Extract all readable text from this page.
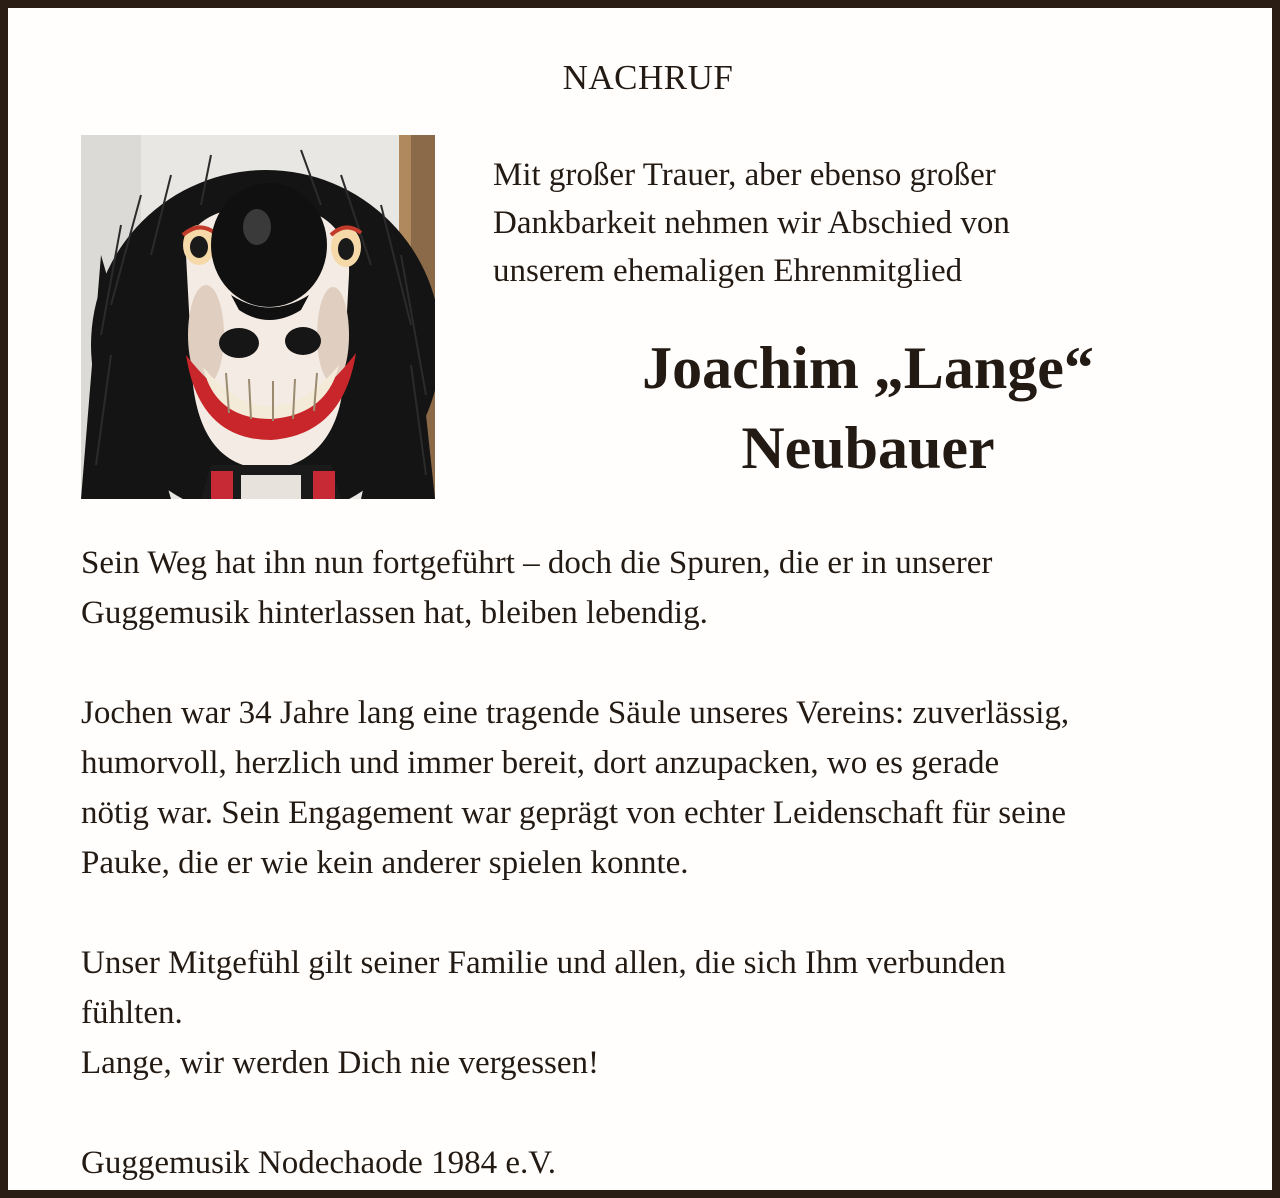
NACHRUF
Mit großer Trauer, aber ebenso großer
Dankbarkeit nehmen wir Abschied von
unserem ehemaligen Ehrenmitglied
Joachim „Lange“
Neubauer
Sein Weg hat ihn nun fortgeführt – doch die Spuren, die er in unserer
Guggemusik hinterlassen hat, bleiben lebendig.
Jochen war 34 Jahre lang eine tragende Säule unseres Vereins: zuverlässig,
humorvoll, herzlich und immer bereit, dort anzupacken, wo es gerade
nötig war. Sein Engagement war geprägt von echter Leidenschaft für seine
Pauke, die er wie kein anderer spielen konnte.
Unser Mitgefühl gilt seiner Familie und allen, die sich Ihm verbunden
fühlten.
Lange, wir werden Dich nie vergessen!
Guggemusik Nodechaode 1984 e.V.
